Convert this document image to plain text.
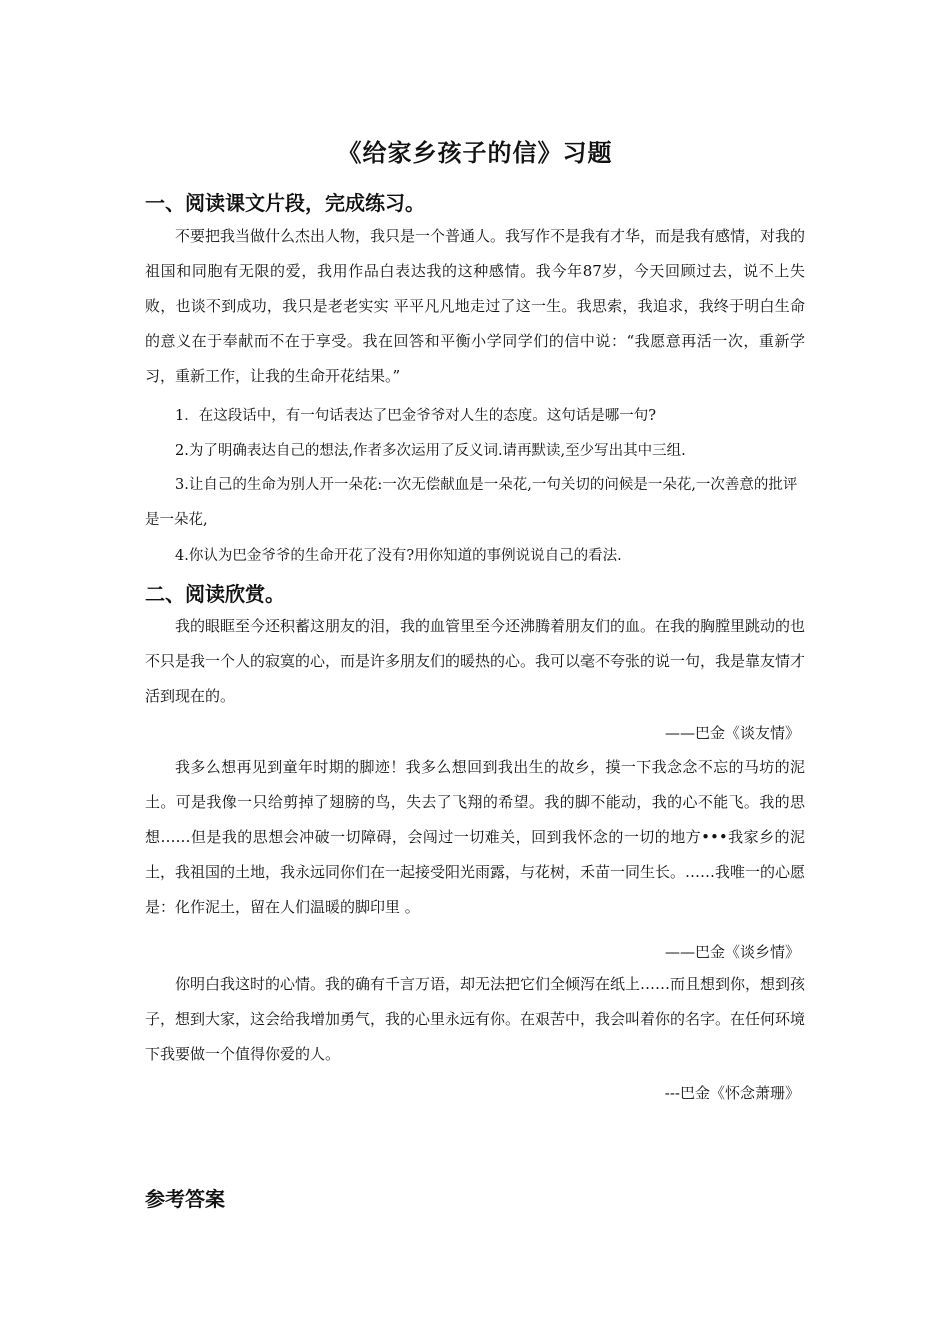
《给家乡孩子的信》习题
一、阅读课文片段，完成练习。
不要把我当做什么杰出人物，我只是一个普通人。我写作不是我有才华，而是我有感情，对我的祖国和同胞有无限的爱，我用作品白表达我的这种感情。我今年87岁，今天回顾过去，说不上失败，也谈不到成功，我只是老老实实 平平凡凡地走过了这一生。我思索，我追求，我终于明白生命的意义在于奉献而不在于享受。我在回答和平衡小学同学们的信中说：“我愿意再活一次，重新学习，重新工作，让我的生命开花结果。”
1．在这段话中，有一句话表达了巴金爷爷对人生的态度。这句话是哪一句?
2.为了明确表达自己的想法,作者多次运用了反义词.请再默读,至少写出其中三组.
3.让自己的生命为别人开一朵花:一次无偿献血是一朵花,一句关切的问候是一朵花,一次善意的批评是一朵花,
4.你认为巴金爷爷的生命开花了没有?用你知道的事例说说自己的看法.
二、阅读欣赏。
我的眼眶至今还积蓄这朋友的泪，我的血管里至今还沸腾着朋友们的血。在我的胸膛里跳动的也不只是我一个人的寂寞的心，而是许多朋友们的暖热的心。我可以毫不夸张的说一句，我是靠友情才活到现在的。
——巴金《谈友情》
我多么想再见到童年时期的脚迹！我多么想回到我出生的故乡，摸一下我念念不忘的马坊的泥土。可是我像一只给剪掉了翅膀的鸟，失去了飞翔的希望。我的脚不能动，我的心不能飞。我的思想……但是我的思想会冲破一切障碍，会闯过一切难关，回到我怀念的一切的地方•••我家乡的泥土，我祖国的土地，我永远同你们在一起接受阳光雨露，与花树，禾苗一同生长。……我唯一的心愿是：化作泥土，留在人们温暖的脚印里 。
——巴金《谈乡情》
你明白我这时的心情。我的确有千言万语，却无法把它们全倾泻在纸上……而且想到你，想到孩子，想到大家，这会给我增加勇气，我的心里永远有你。在艰苦中，我会叫着你的名字。在任何环境下我要做一个值得你爱的人。
---巴金《怀念萧珊》
参考答案
